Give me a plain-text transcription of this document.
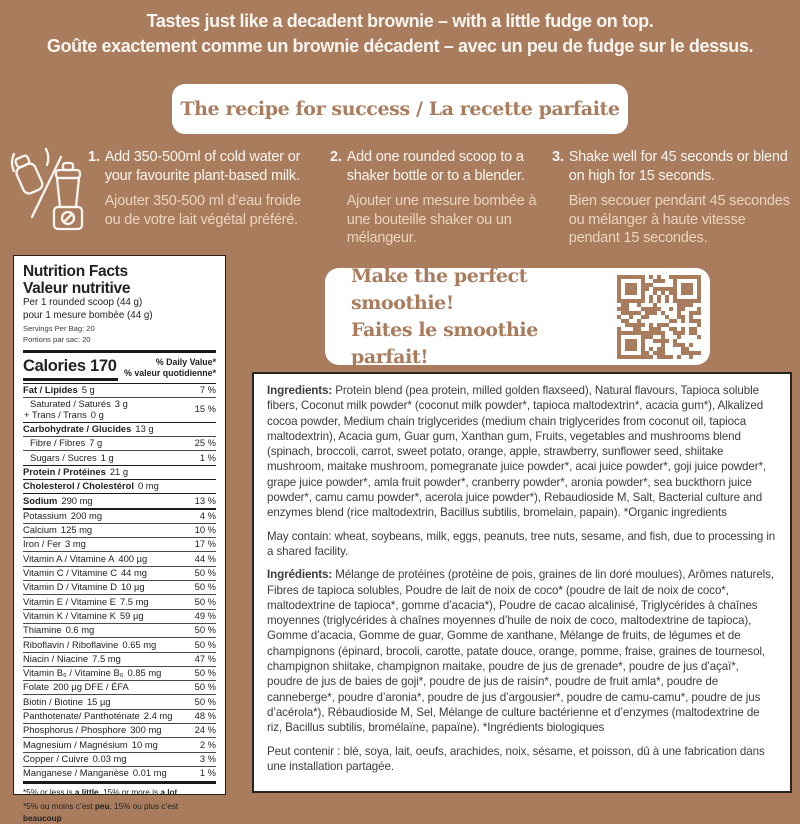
Tastes just like a decadent brownie – with a little fudge on top.
Goûte exactement comme un brownie décadent – avec un peu de fudge sur le dessus.
The recipe for success / La recette parfaite
1. Add 350-500ml of cold water or your favourite plant-based milk.

Ajouter 350-500 ml d’eau froide ou de votre lait végétal préféré.

2. Add one rounded scoop to a shaker bottle or to a blender.

Ajouter une mesure bombée à une bouteille shaker ou un mélangeur.

3. Shake well for 45 seconds or blend on high for 15 seconds.

Bien secouer pendant 45 secondes ou mélanger à haute vitesse pendant 15 secondes.

Nutrition Facts
Valeur nutritive
Per 1 rounded scoop (44 g)
pour 1 mesure bombée (44 g)
Servings Per Bag: 20
Portions par sac: 20
Calories 170	% Daily Value*
% valeur quotidienne*
Fat / Lipides 5 g	7 %
Saturated / Saturés 3 g
+ Trans / Trans 0 g	15 %
Carbohydrate / Glucides 13 g
Fibre / Fibres 7 g	25 %
Sugars / Sucres 1 g	1 %
Protein / Protéines 21 g
Cholesterol / Cholestérol 0 mg
Sodium 290 mg	13 %
Potassium 200 mg	4 %
Calcium 125 mg	10 %
Iron / Fer 3 mg	17 %
Vitamin A / Vitamine A 400 µg	44 %
Vitamin C / Vitamine C 44 mg	50 %
Vitamin D / Vitamine D 10 µg	50 %
Vitamin E / Vitamine E 7.5 mg	50 %
Vitamin K / Vitamine K 59 µg	49 %
Thiamine 0.6 mg	50 %
Riboflavin / Riboflavine 0.65 mg	50 %
Niacin / Niacine 7.5 mg	47 %
Vitamin B₆ / Vitamine B₆ 0.85 mg	50 %
Folate 200 µg DFE / ÉFA	50 %
Biotin / Biotine 15 µg	50 %
Panthotenate/ Panthoténate 2.4 mg	48 %
Phosphorus / Phosphore 300 mg	24 %
Magnesium / Magnésium 10 mg	2 %
Copper / Cuivre 0.03 mg	3 %
Manganese / Manganèse 0.01 mg	1 %
*5% or less is a little, 15% or more is a lot
*5% ou moins c’est peu, 15% ou plus c’est beaucoup
Make the perfect smoothie!
Faites le smoothie parfait!

Ingredients: Protein blend (pea protein, milled golden flaxseed), Natural flavours, Tapioca soluble fibers, Coconut milk powder* (coconut milk powder*, tapioca maltodextrin*, acacia gum*), Alkalized cocoa powder, Medium chain triglycerides (medium chain triglycerides from coconut oil, tapioca maltodextrin), Acacia gum, Guar gum, Xanthan gum, Fruits, vegetables and mushrooms blend (spinach, broccoli, carrot, sweet potato, orange, apple, strawberry, sunflower seed, shiitake mushroom, maitake mushroom, pomegranate juice powder*, acai juice powder*, goji juice powder*, grape juice powder*, amla fruit powder*, cranberry powder*, aronia powder*, sea buckthorn juice powder*, camu camu powder*, acerola juice powder*), Rebaudioside M, Salt, Bacterial culture and enzymes blend (rice maltodextrin, Bacillus subtilis, bromelain, papain). *Organic ingredients

May contain: wheat, soybeans, milk, eggs, peanuts, tree nuts, sesame, and fish, due to processing in a shared facility.

Ingrédients: Mélange de protéines (protéine de pois, graines de lin doré moulues), Arômes naturels, Fibres de tapioca solubles, Poudre de lait de noix de coco* (poudre de lait de noix de coco*, maltodextrine de tapioca*, gomme d’acacia*), Poudre de cacao alcalinisé, Triglycérides à chaînes moyennes (triglycérides à chaînes moyennes d’huile de noix de coco, maltodextrine de tapioca), Gomme d’acacia, Gomme de guar, Gomme de xanthane, Mélange de fruits, de légumes et de champignons (épinard, brocoli, carotte, patate douce, orange, pomme, fraise, graines de tournesol, champignon shiitake, champignon maitake, poudre de jus de grenade*, poudre de jus d’açaï*, poudre de jus de baies de goji*, poudre de jus de raisin*, poudre de fruit amla*, poudre de canneberge*, poudre d’aronia*, poudre de jus d’argousier*, poudre de camu-camu*, poudre de jus d’acérola*), Rébaudioside M, Sel, Mélange de culture bactérienne et d’enzymes (maltodextrine de riz, Bacillus subtilis, bromélaïne, papaïne). *Ingrédients biologiques

Peut contenir : blé, soya, lait, oeufs, arachides, noix, sésame, et poisson, dû à une fabrication dans une installation partagée.
